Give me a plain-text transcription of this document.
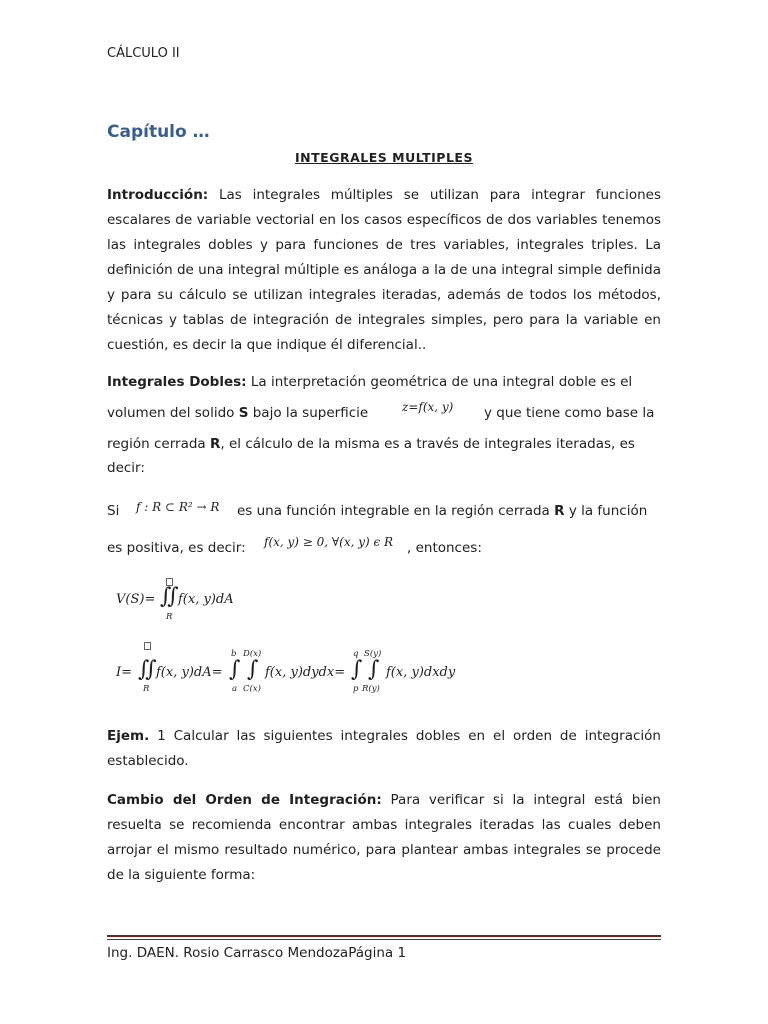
CÁLCULO II
Capítulo …
INTEGRALES MULTIPLES
Introducción: Las integrales múltiples se utilizan para integrar funciones escalares de variable vectorial en los casos específicos de dos variables tenemos las integrales dobles y para funciones de tres variables, integrales triples. La definición de una integral múltiple es análoga a la de una integral simple definida y para su cálculo se utilizan integrales iteradas, además de todos los métodos, técnicas y tablas de integración de integrales simples, pero para la variable en cuestión, es decir la que indique él diferencial..
Integrales Dobles: La interpretación geométrica de una integral doble es el
volumen del solido S bajo la superficie	z=f(x, y) y que tiene como base la
región cerrada R, el cálculo de la misma es a través de integrales iteradas, es
decir:
Si f : R ⊂ R² → R es una función integrable en la región cerrada R y la función
es positiva, es decir: f(x, y) ≥ 0, ∀(x, y) ϵ R , entonces:
V(S)= ∬ f(x, y)dA
R
I= ∬
R
f(x, y)dA=
b
∫
a
D(x)
∫
C(x)
f(x, y)dydx=
q
∫
p
S(y)
∫
R(y)
f(x, y)dxdy
Ejem. 1 Calcular las siguientes integrales dobles en el orden de integración establecido.
Cambio del Orden de Integración: Para verificar si la integral está bien resuelta se recomienda encontrar ambas integrales iteradas las cuales deben arrojar el mismo resultado numérico, para plantear ambas integrales se procede de la siguiente forma:
Ing. DAEN. Rosio Carrasco MendozaPágina 1
